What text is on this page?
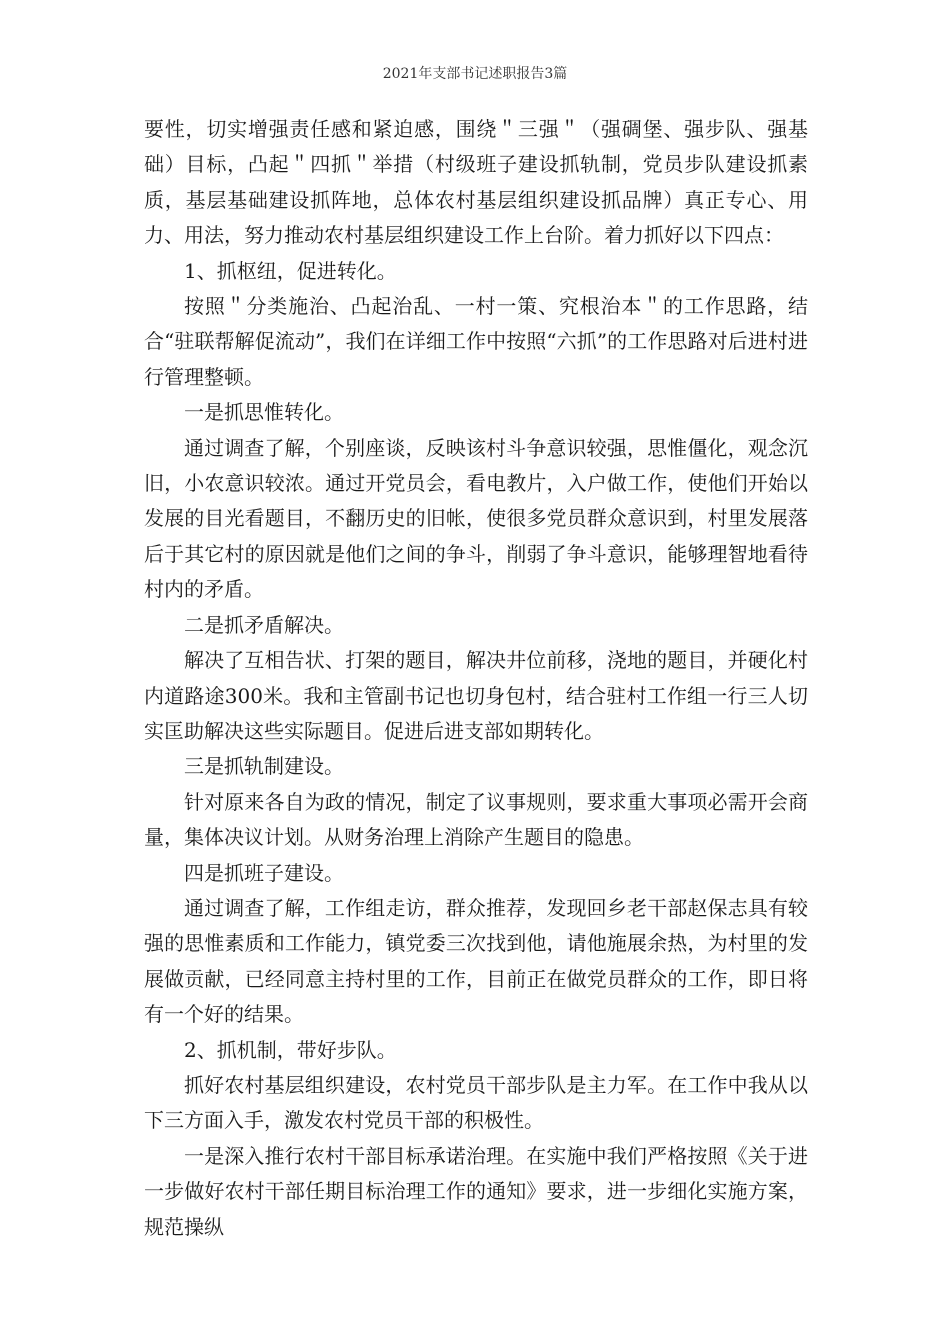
2021年支部书记述职报告3篇

要性，切实增强责任感和紧迫感，围绕＂三强＂（强碉堡、强步队、强基础）目标，凸起＂四抓＂举措（村级班子建设抓轨制，党员步队建设抓素质，基层基础建设抓阵地，总体农村基层组织建设抓品牌）真正专心、用力、用法，努力推动农村基层组织建设工作上台阶。着力抓好以下四点：

1、抓枢纽，促进转化。

按照＂分类施治、凸起治乱、一村一策、究根治本＂的工作思路，结合“驻联帮解促流动”，我们在详细工作中按照“六抓”的工作思路对后进村进行管理整顿。

一是抓思惟转化。

通过调查了解，个别座谈，反映该村斗争意识较强，思惟僵化，观念沉旧，小农意识较浓。通过开党员会，看电教片，入户做工作，使他们开始以发展的目光看题目，不翻历史的旧帐，使很多党员群众意识到，村里发展落后于其它村的原因就是他们之间的争斗，削弱了争斗意识，能够理智地看待村内的矛盾。

二是抓矛盾解决。

解决了互相告状、打架的题目，解决井位前移，浇地的题目，并硬化村内道路途300米。我和主管副书记也切身包村，结合驻村工作组一行三人切实匡助解决这些实际题目。促进后进支部如期转化。

三是抓轨制建设。

针对原来各自为政的情况，制定了议事规则，要求重大事项必需开会商量，集体决议计划。从财务治理上消除产生题目的隐患。

四是抓班子建设。

通过调查了解，工作组走访，群众推荐，发现回乡老干部赵保志具有较强的思惟素质和工作能力，镇党委三次找到他，请他施展余热，为村里的发展做贡献，已经同意主持村里的工作，目前正在做党员群众的工作，即日将有一个好的结果。

2、抓机制，带好步队。

抓好农村基层组织建设，农村党员干部步队是主力军。在工作中我从以下三方面入手，激发农村党员干部的积极性。

一是深入推行农村干部目标承诺治理。在实施中我们严格按照《关于进一步做好农村干部任期目标治理工作的通知》要求，进一步细化实施方案，规范操纵
